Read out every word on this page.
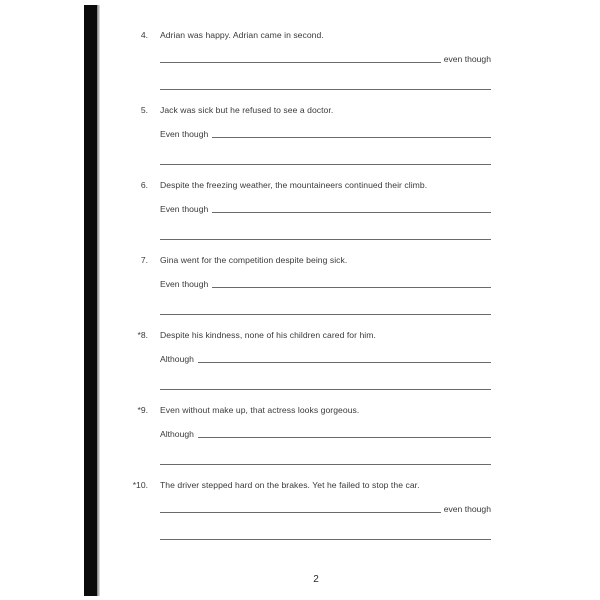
4. Adrian was happy. Adrian came in second.
even though
5. Jack was sick but he refused to see a doctor.
Even though
6. Despite the freezing weather, the mountaineers continued their climb.
Even though
7. Gina went for the competition despite being sick.
Even though
*8. Despite his kindness, none of his children cared for him.
Although
*9. Even without make up, that actress looks gorgeous.
Although
*10. The driver stepped hard on the brakes. Yet he failed to stop the car.
even though
2
